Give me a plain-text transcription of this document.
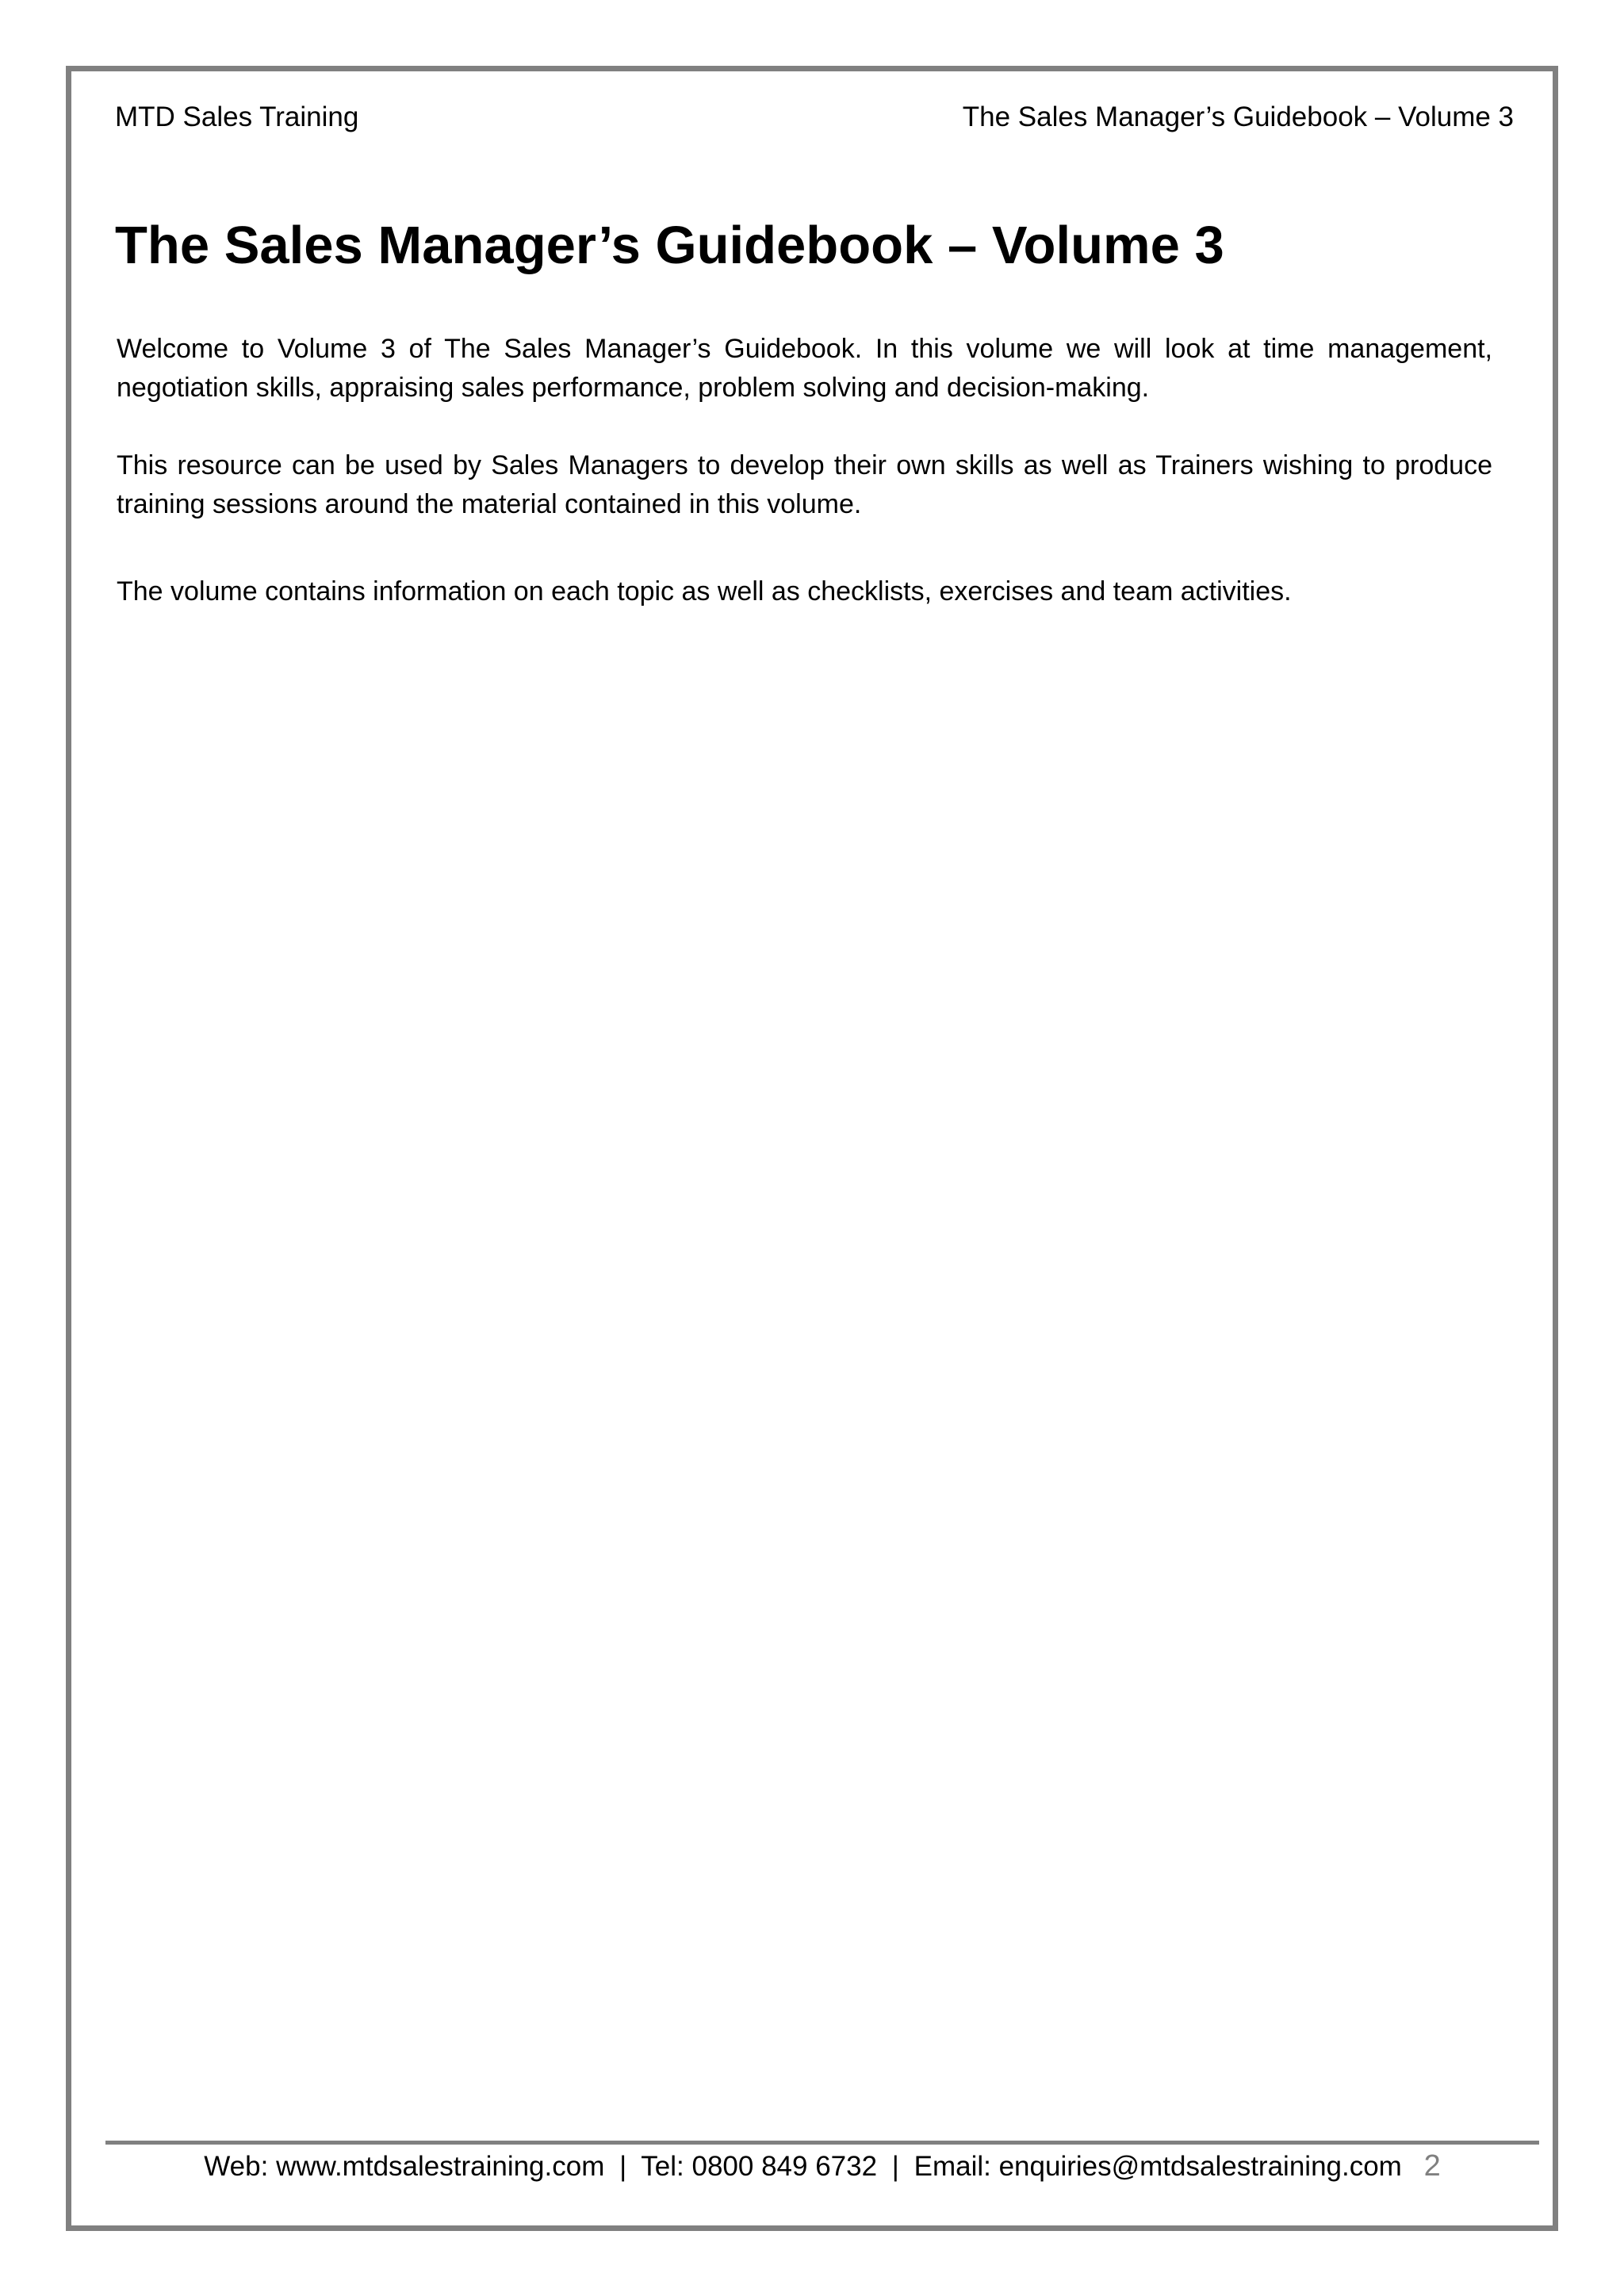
MTD Sales Training	The Sales Manager’s Guidebook – Volume 3
The Sales Manager’s Guidebook – Volume 3

Welcome to Volume 3 of The Sales Manager’s Guidebook. In this volume we will look at time management, negotiation skills, appraising sales performance, problem solving and decision-making.

This resource can be used by Sales Managers to develop their own skills as well as Trainers wishing to produce training sessions around the material contained in this volume.

The volume contains information on each topic as well as checklists, exercises and team activities.

Web: www.mtdsalestraining.com | Tel: 0800 849 6732 | Email: enquiries@mtdsalestraining.com 2
